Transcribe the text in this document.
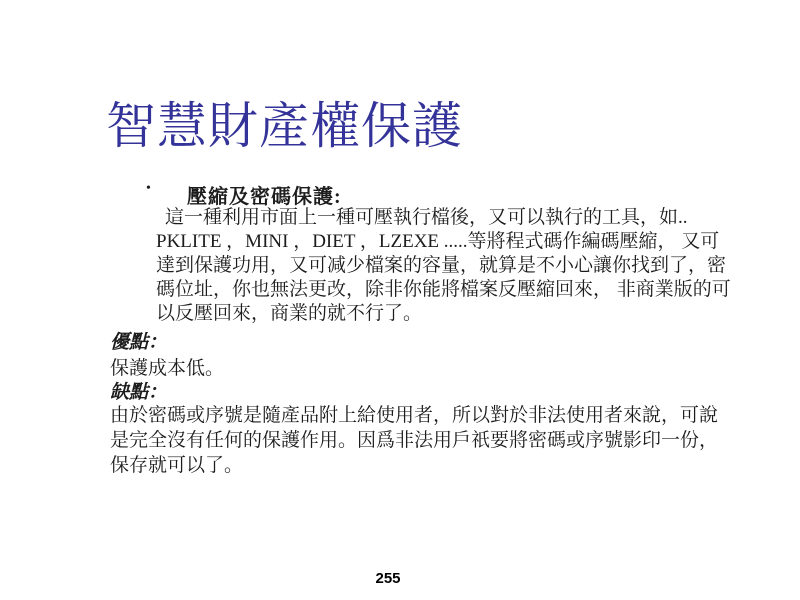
智慧財產權保護
• 壓縮及密碼保護:
這一種利用市面上一種可壓執行檔後，又可以執行的工具，如..
PKLITE ，MINI ，DIET ，LZEXE .....等將程式碼作編碼壓縮， 又可
達到保護功用，又可减少檔案的容量，就算是不小心讓你找到了，密
碼位址，你也無法更改，除非你能將檔案反壓縮回來， 非商業版的可
以反壓回來，商業的就不行了。
優點：
保護成本低。
缺點：
由於密碼或序號是隨產品附上給使用者，所以對於非法使用者來說，可說
是完全沒有任何的保護作用。因爲非法用戶祇要將密碼或序號影印一份，
保存就可以了。
255
